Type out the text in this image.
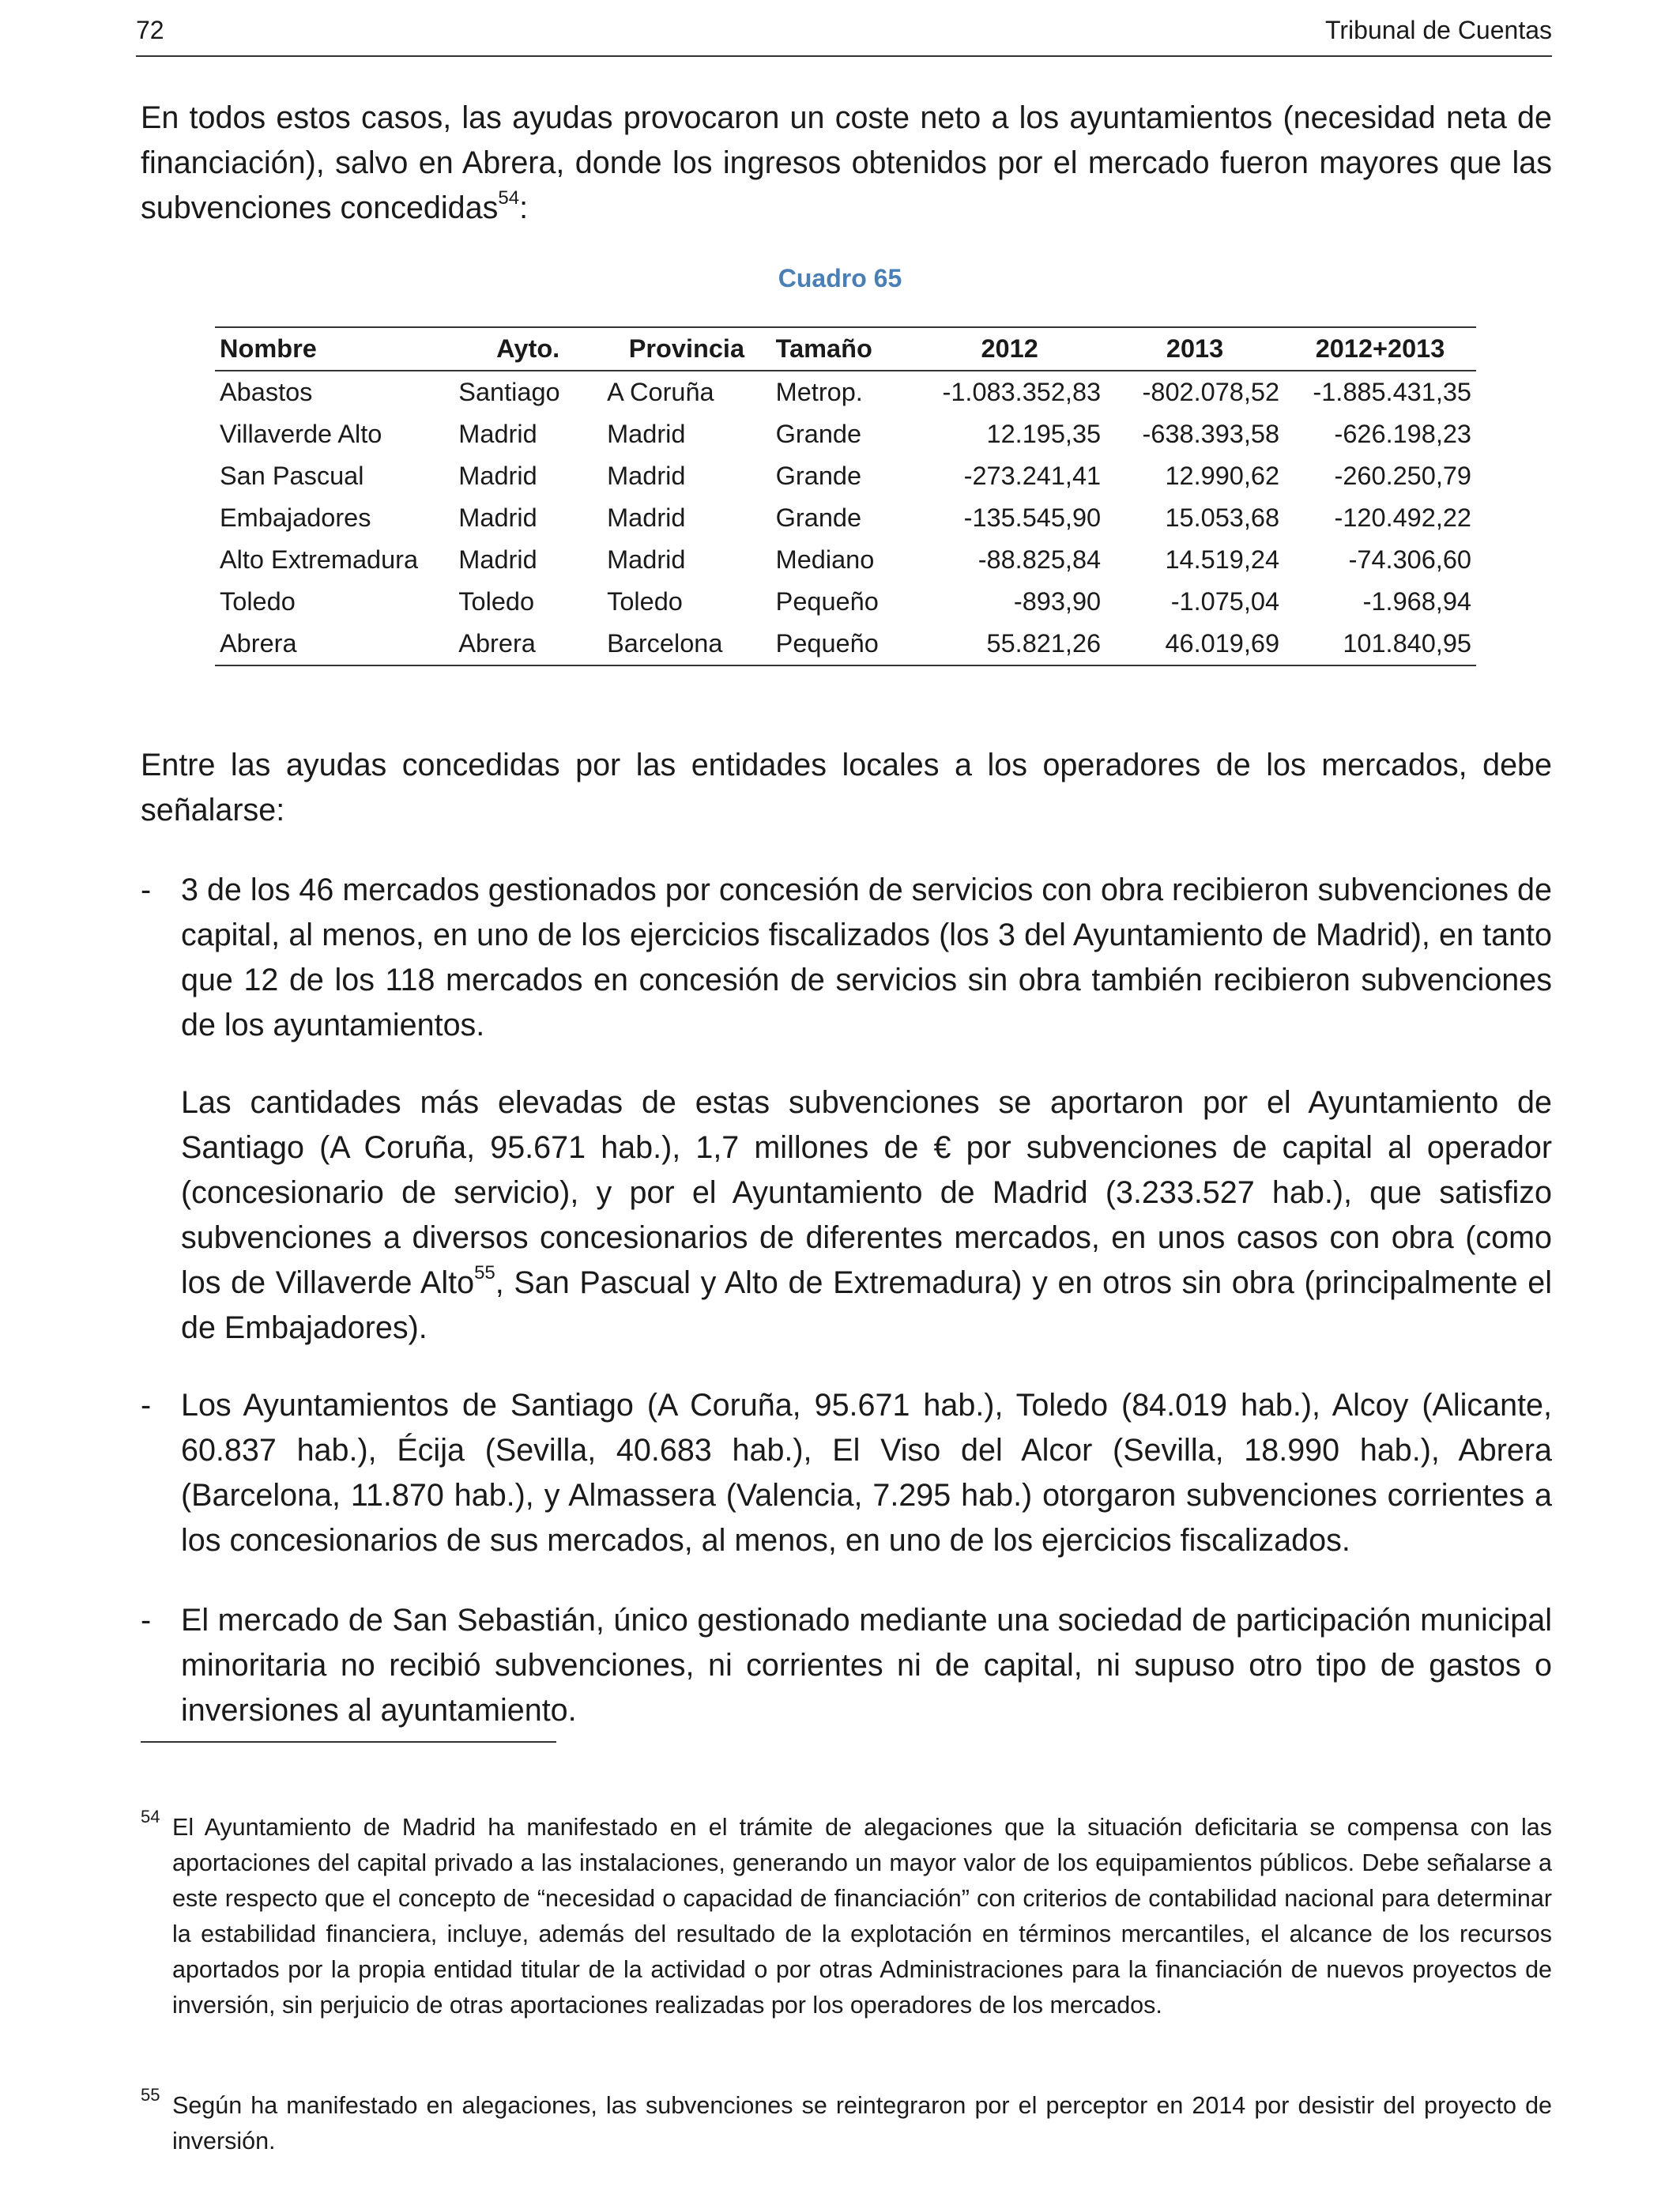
72	Tribunal de Cuentas
En todos estos casos, las ayudas provocaron un coste neto a los ayuntamientos (necesidad neta de financiación), salvo en Abrera, donde los ingresos obtenidos por el mercado fueron mayores que las subvenciones concedidas$^{54}$:
Cuadro 65
Nombre	Ayto.	Provincia	Tamaño	2012	2013	2012+2013
Abastos	Santiago	A Coruña	Metrop.	-1.083.352,83	-802.078,52	-1.885.431,35
Villaverde Alto	Madrid	Madrid	Grande	12.195,35	-638.393,58	-626.198,23
San Pascual	Madrid	Madrid	Grande	-273.241,41	12.990,62	-260.250,79
Embajadores	Madrid	Madrid	Grande	-135.545,90	15.053,68	-120.492,22
Alto Extremadura	Madrid	Madrid	Mediano	-88.825,84	14.519,24	-74.306,60
Toledo	Toledo	Toledo	Pequeño	-893,90	-1.075,04	-1.968,94
Abrera	Abrera	Barcelona	Pequeño	55.821,26	46.019,69	101.840,95
Entre las ayudas concedidas por las entidades locales a los operadores de los mercados, debe señalarse:
- 3 de los 46 mercados gestionados por concesión de servicios con obra recibieron subvenciones de capital, al menos, en uno de los ejercicios fiscalizados (los 3 del Ayuntamiento de Madrid), en tanto que 12 de los 118 mercados en concesión de servicios sin obra también recibieron subvenciones de los ayuntamientos.
Las cantidades más elevadas de estas subvenciones se aportaron por el Ayuntamiento de Santiago (A Coruña, 95.671 hab.), 1,7 millones de € por subvenciones de capital al operador (concesionario de servicio), y por el Ayuntamiento de Madrid (3.233.527 hab.), que satisfizo subvenciones a diversos concesionarios de diferentes mercados, en unos casos con obra (como los de Villaverde Alto$^{55}$, San Pascual y Alto de Extremadura) y en otros sin obra (principalmente el de Embajadores).
- Los Ayuntamientos de Santiago (A Coruña, 95.671 hab.), Toledo (84.019 hab.), Alcoy (Alicante, 60.837 hab.), Écija (Sevilla, 40.683 hab.), El Viso del Alcor (Sevilla, 18.990 hab.), Abrera (Barcelona, 11.870 hab.), y Almassera (Valencia, 7.295 hab.) otorgaron subvenciones corrientes a los concesionarios de sus mercados, al menos, en uno de los ejercicios fiscalizados.
- El mercado de San Sebastián, único gestionado mediante una sociedad de participación municipal minoritaria no recibió subvenciones, ni corrientes ni de capital, ni supuso otro tipo de gastos o inversiones al ayuntamiento.
54 El Ayuntamiento de Madrid ha manifestado en el trámite de alegaciones que la situación deficitaria se compensa con las aportaciones del capital privado a las instalaciones, generando un mayor valor de los equipamientos públicos. Debe señalarse a este respecto que el concepto de “necesidad o capacidad de financiación” con criterios de contabilidad nacional para determinar la estabilidad financiera, incluye, además del resultado de la explotación en términos mercantiles, el alcance de los recursos aportados por la propia entidad titular de la actividad o por otras Administraciones para la financiación de nuevos proyectos de inversión, sin perjuicio de otras aportaciones realizadas por los operadores de los mercados.
55 Según ha manifestado en alegaciones, las subvenciones se reintegraron por el perceptor en 2014 por desistir del proyecto de inversión.
